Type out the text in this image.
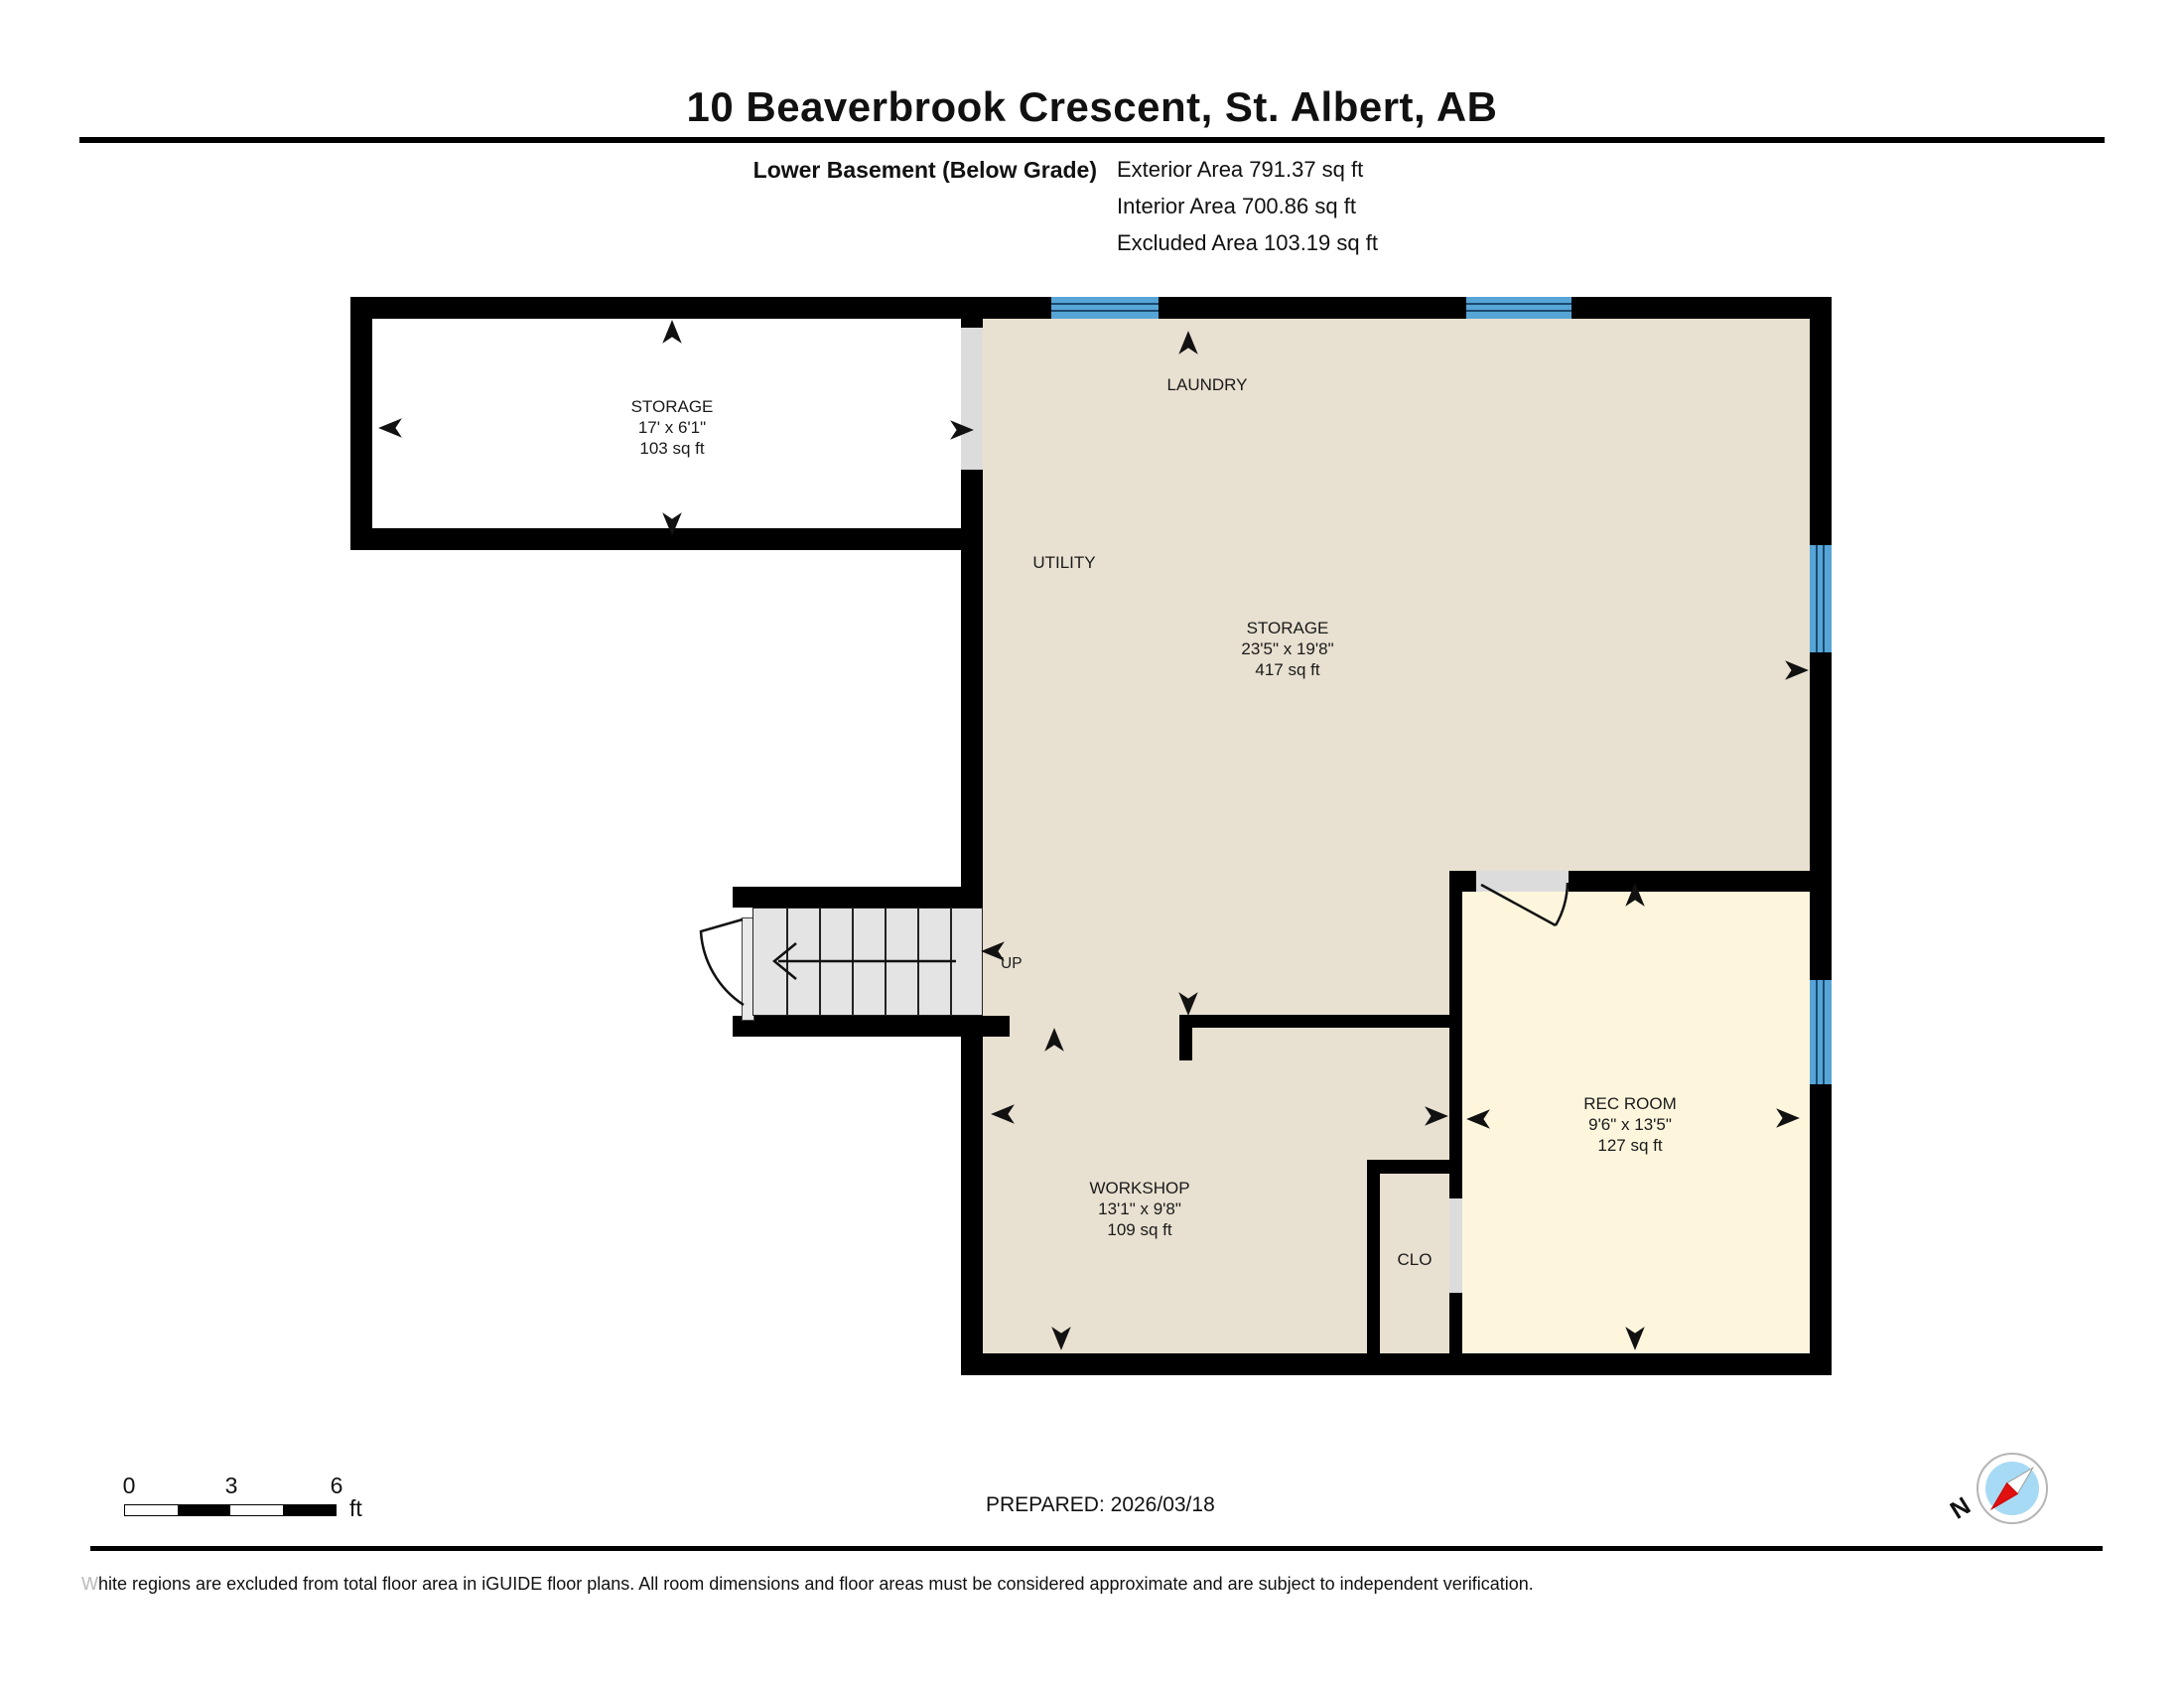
10 Beaverbrook Crescent, St. Albert, AB
Lower Basement (Below Grade) Exterior Area 791.37 sq ft
Interior Area 700.86 sq ft
Excluded Area 103.19 sq ft
STORAGE
17' x 6'1"
103 sq ft
LAUNDRY
UTILITY
STORAGE
23'5" x 19'8"
417 sq ft
WORKSHOP
13'1" x 9'8"
109 sq ft
REC ROOM
9'6" x 13'5"
127 sq ft
CLO
UP
0	3	6
ft	PREPARED: 2026/03/18	N
White regions are excluded from total floor area in iGUIDE floor plans. All room dimensions and floor areas must be considered approximate and are subject to independent verification.
